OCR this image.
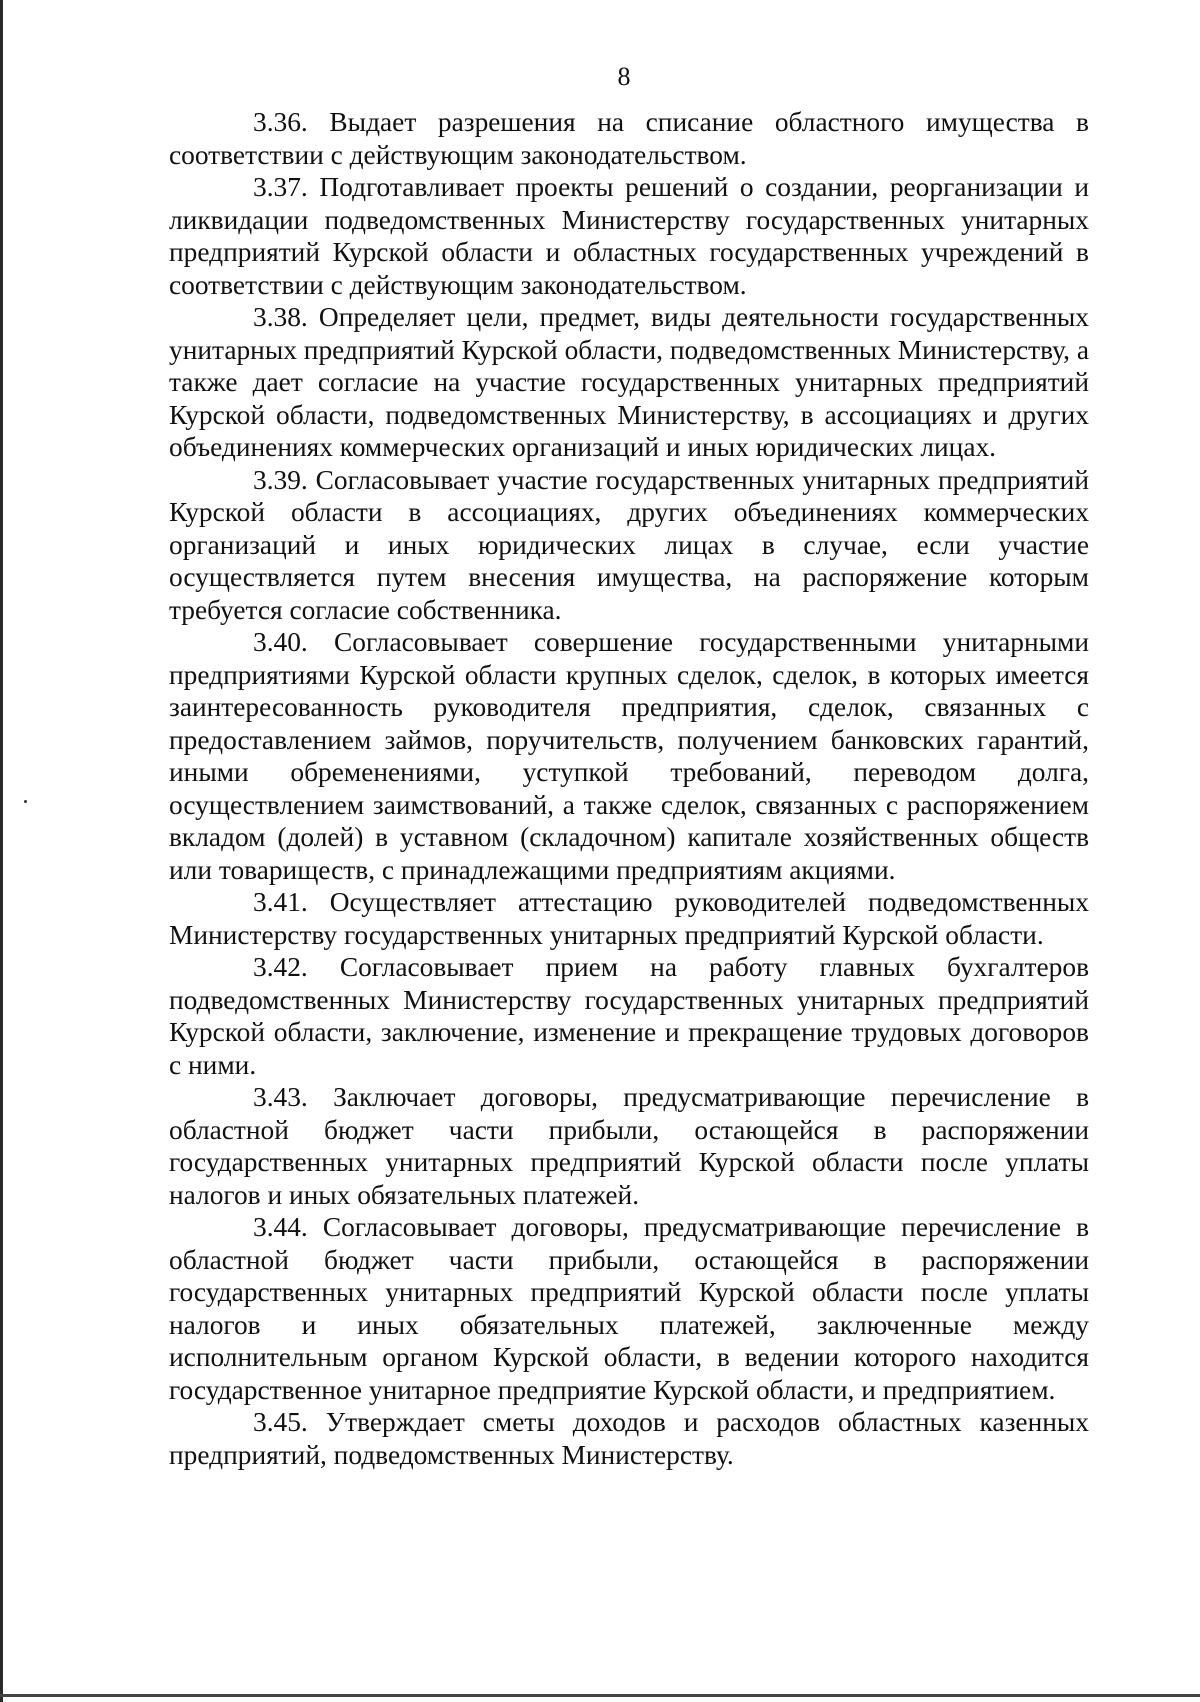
8

3.36. Выдает разрешения на списание областного имущества в соответствии с действующим законодательством.

3.37. Подготавливает проекты решений о создании, реорганизации и ликвидации подведомственных Министерству государственных унитарных предприятий Курской области и областных государственных учреждений в соответствии с действующим законодательством.

3.38. Определяет цели, предмет, виды деятельности государственных унитарных предприятий Курской области, подведомственных Министерству, а также дает согласие на участие государственных унитарных предприятий Курской области, подведомственных Министерству, в ассоциациях и других объединениях коммерческих организаций и иных юридических лицах.

3.39. Согласовывает участие государственных унитарных предприятий Курской области в ассоциациях, других объединениях коммерческих организаций и иных юридических лицах в случае, если участие осуществляется путем внесения имущества, на распоряжение которым требуется согласие собственника.

3.40. Согласовывает совершение государственными унитарными предприятиями Курской области крупных сделок, сделок, в которых имеется заинтересованность руководителя предприятия, сделок, связанных с предоставлением займов, поручительств, получением банковских гарантий, иными обременениями, уступкой требований, переводом долга, осуществлением заимствований, а также сделок, связанных с распоряжением вкладом (долей) в уставном (складочном) капитале хозяйственных обществ или товариществ, с принадлежащими предприятиям акциями.

3.41. Осуществляет аттестацию руководителей подведомственных Министерству государственных унитарных предприятий Курской области.

3.42. Согласовывает прием на работу главных бухгалтеров подведомственных Министерству государственных унитарных предприятий Курской области, заключение, изменение и прекращение трудовых договоров с ними.

3.43. Заключает договоры, предусматривающие перечисление в областной бюджет части прибыли, остающейся в распоряжении государственных унитарных предприятий Курской области после уплаты налогов и иных обязательных платежей.

3.44. Согласовывает договоры, предусматривающие перечисление в областной бюджет части прибыли, остающейся в распоряжении государственных унитарных предприятий Курской области после уплаты налогов и иных обязательных платежей, заключенные между исполнительным органом Курской области, в ведении которого находится государственное унитарное предприятие Курской области, и предприятием.

3.45. Утверждает сметы доходов и расходов областных казенных предприятий, подведомственных Министерству.
